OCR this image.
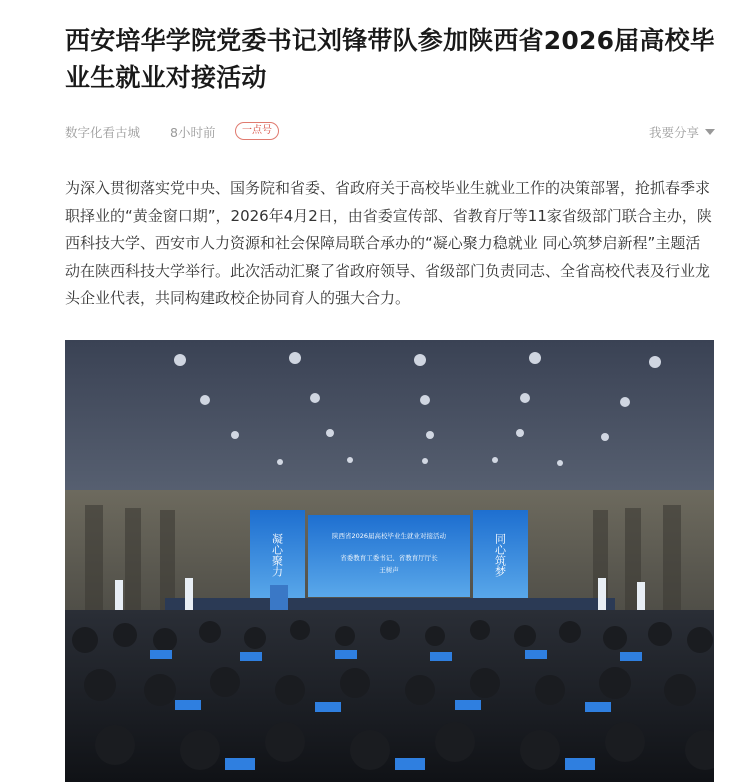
西安培华学院党委书记刘锋带队参加陕西省2026届高校毕业生就业对接活动
数字化看古城 8小时前	一点号	我要分享

为深入贯彻落实党中央、国务院和省委、省政府关于高校毕业生就业工作的决策部署，抢抓春季求职择业的“黄金窗口期”，2026年4月2日，由省委宣传部、省教育厅等11家省级部门联合主办，陕西科技大学、西安市人力资源和社会保障局联合承办的“凝心聚力稳就业 同心筑梦启新程”主题活动在陕西科技大学举行。此次活动汇聚了省政府领导、省级部门负责同志、全省高校代表及行业龙头企业代表，共同构建政校企协同育人的强大合力。

凝心聚力	同心筑梦
陕西省2026届高校毕业生就业对接活动
省委教育工委书记、省教育厅厅长
王树声
